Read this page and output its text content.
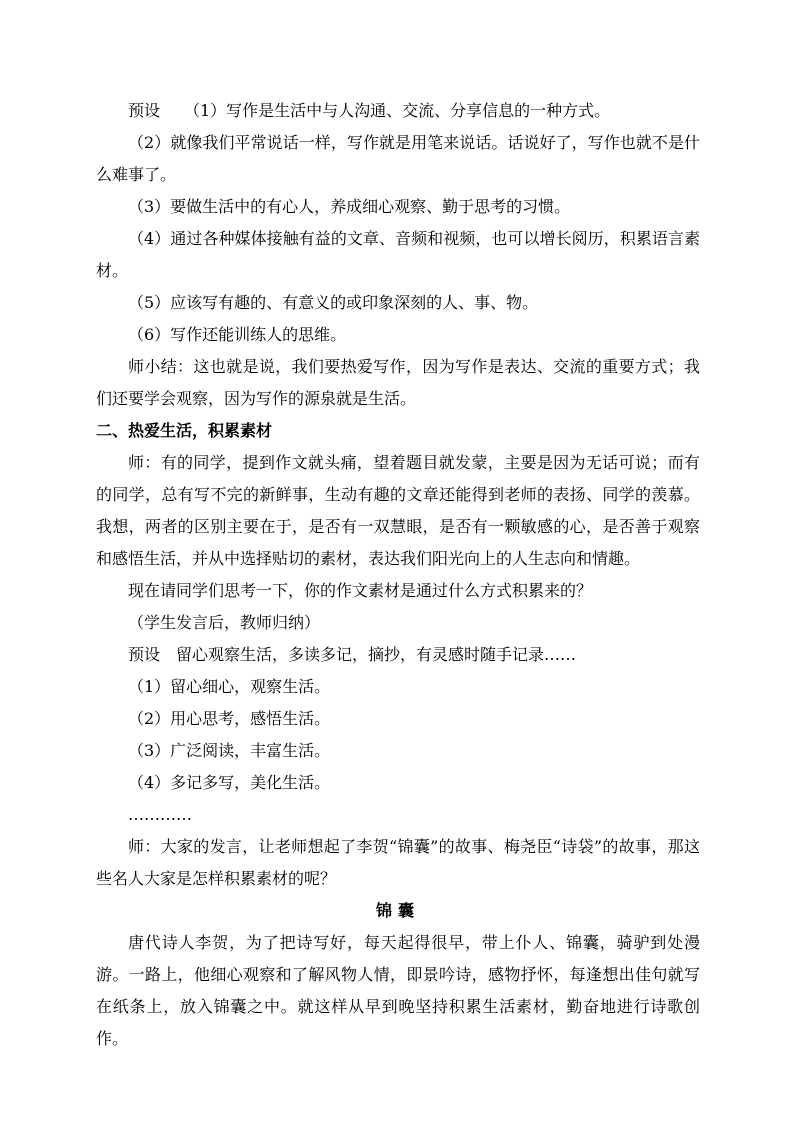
预设　　（1）写作是生活中与人沟通、交流、分享信息的一种方式。

（2）就像我们平常说话一样，写作就是用笔来说话。话说好了，写作也就不是什么难事了。

（3）要做生活中的有心人，养成细心观察、勤于思考的习惯。

（4）通过各种媒体接触有益的文章、音频和视频，也可以增长阅历，积累语言素材。

（5）应该写有趣的、有意义的或印象深刻的人、事、物。

（6）写作还能训练人的思维。

师小结：这也就是说，我们要热爱写作，因为写作是表达、交流的重要方式；我们还要学会观察，因为写作的源泉就是生活。

二、热爱生活，积累素材

师：有的同学，提到作文就头痛，望着题目就发蒙，主要是因为无话可说；而有的同学，总有写不完的新鲜事，生动有趣的文章还能得到老师的表扬、同学的羡慕。我想，两者的区别主要在于，是否有一双慧眼，是否有一颗敏感的心，是否善于观察和感悟生活，并从中选择贴切的素材，表达我们阳光向上的人生志向和情趣。

现在请同学们思考一下，你的作文素材是通过什么方式积累来的？

（学生发言后，教师归纳）

预设　留心观察生活，多读多记，摘抄，有灵感时随手记录……

（1）留心细心，观察生活。

（2）用心思考，感悟生活。

（3）广泛阅读，丰富生活。

（4）多记多写，美化生活。

…………

师：大家的发言，让老师想起了李贺“锦囊”的故事、梅尧臣“诗袋”的故事，那这些名人大家是怎样积累素材的呢？

锦囊

唐代诗人李贺，为了把诗写好，每天起得很早，带上仆人、锦囊，骑驴到处漫游。一路上，他细心观察和了解风物人情，即景吟诗，感物抒怀，每逢想出佳句就写在纸条上，放入锦囊之中。就这样从早到晚坚持积累生活素材，勤奋地进行诗歌创作。
